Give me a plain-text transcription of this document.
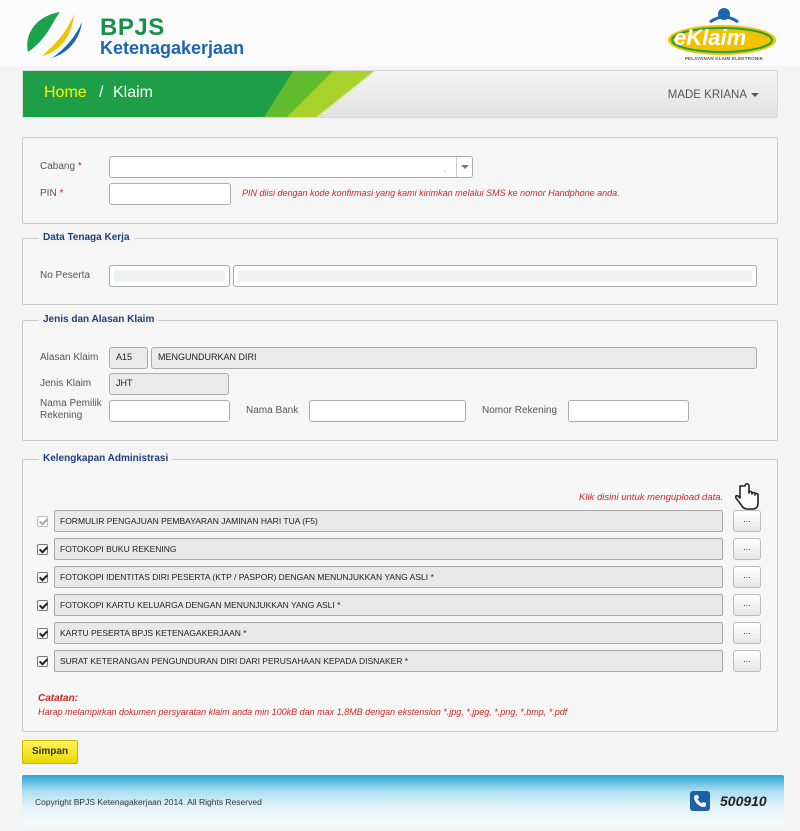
BPJS
Ketenagakerjaan	eKlaim
PELAYANAN KLAIM ELEKTRONIK
Home / Klaim	MADE KRIANA
Cabang *	.
PIN *	PIN diisi dengan kode konfirmasi yang kami kirimkan melalui SMS ke nomor Handphone anda.
Data Tenaga Kerja
No Peserta
Jenis dan Alasan Klaim
Alasan Klaim	A15	MENGUNDURKAN DIRI
Jenis Klaim	JHT
Nama Pemilik
Rekening	Nama Bank	Nomor Rekening
Kelengkapan Administrasi
Klik disini untuk mengupload data.
FORMULIR PENGAJUAN PEMBAYARAN JAMINAN HARI TUA (F5)	...
FOTOKOPI BUKU REKENING	...
FOTOKOPI IDENTITAS DIRI PESERTA (KTP / PASPOR) DENGAN MENUNJUKKAN YANG ASLI *	...
FOTOKOPI KARTU KELUARGA DENGAN MENUNJUKKAN YANG ASLI *	...
KARTU PESERTA BPJS KETENAGAKERJAAN *	...
SURAT KETERANGAN PENGUNDURAN DIRI DARI PERUSAHAAN KEPADA DISNAKER *	...
Catatan:
Harap melampirkan dokumen persyaratan klaim anda min 100kB dan max 1.8MB dengan ekstension *.jpg, *.jpeg, *.png, *.bmp, *.pdf
Simpan
Copyright BPJS Ketenagakerjaan 2014. All Rights Reserved	500910
